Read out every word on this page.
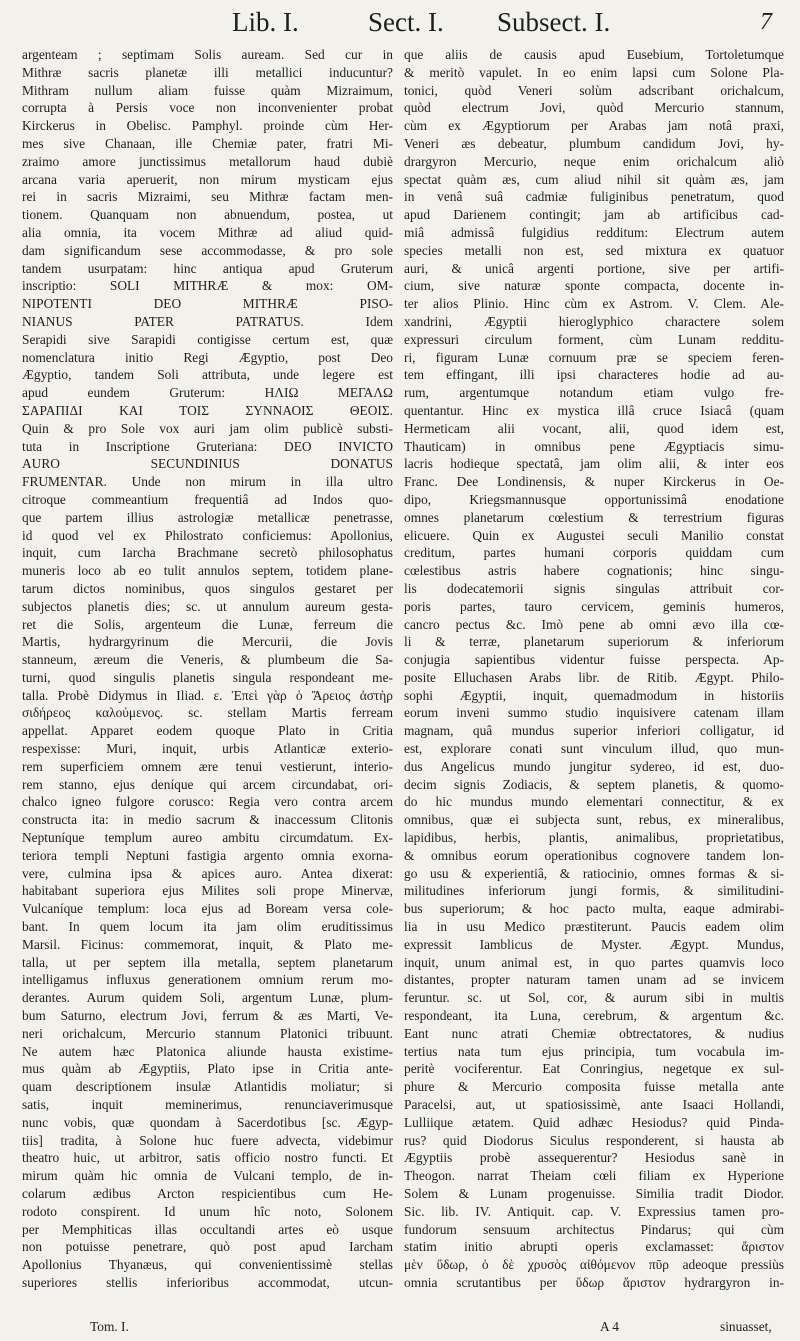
Lib. I.	Sect. I. Subsect. I.	7
argenteam ; septimam Solis auream. Sed cur in
Mithræ sacris planetæ illi metallici inducuntur?
Mithram nullum aliam fuisse quàm Mizraimum,
corrupta à Persis voce non inconvenienter probat
Kirckerus in Obelisc. Pamphyl. proinde cùm Her-
mes sive Chanaan, ille Chemiæ pater, fratri Mi-
zraimo amore junctissimus metallorum haud dubiè
arcana varia aperuerit, non mirum mysticam ejus
rei in sacris Mizraimi, seu Mithræ factam men-
tionem. Quanquam non abnuendum, postea, ut
alia omnia, ita vocem Mithræ ad aliud quid-
dam significandum sese accommodasse, & pro sole
tandem usurpatam: hinc antiqua apud Gruterum
inscriptio: SOLI MITHRÆ & mox: OM-
NIPOTENTI DEO MITHRÆ PISO-
NIANUS PATER PATRATUS. Idem
Serapidi sive Sarapidi contigisse certum est, quæ
nomenclatura initio Regi Ægyptio, post Deo
Ægyptio, tandem Soli attributa, unde legere est
apud eundem Gruterum: ΗΛΙΩ ΜΕΓΑΛΩ
ΣΑΡΑΠΙΔΙ ΚΑΙ ΤΟΙΣ ΣΥΝΝΑΟΙΣ ΘΕΟΙΣ.
Quin & pro Sole vox auri jam olim publicè substi-
tuta in Inscriptione Gruteriana: DEO INVICTO
AURO SECUNDINIUS DONATUS
FRUMENTAR. Unde non mirum in illa ultro
citroque commeantium frequentiâ ad Indos quo-
que partem illius astrologiæ metallicæ penetrasse,
id quod vel ex Philostrato conficiemus: Apollonius,
inquit, cum Iarcha Brachmane secretò philosophatus
muneris loco ab eo tulit annulos septem, totidem plane-
tarum dictos nominibus, quos singulos gestaret per
subjectos planetis dies; sc. ut annulum aureum gesta-
ret die Solis, argenteum die Lunæ, ferreum die
Martis, hydrargyrinum die Mercurii, die Jovis
stanneum, æreum die Veneris, & plumbeum die Sa-
turni, quod singulis planetis singula respondeant me-
talla. Probè Didymus in Iliad. ε. Ἐπεὶ γὰρ ὁ Ἄρειος ἀστὴρ
σιδήρεος καλούμενος. sc. stellam Martis ferream
appellat. Apparet eodem quoque Plato in Critia
respexisse: Muri, inquit, urbis Atlanticæ exterio-
rem superficiem omnem ære tenui vestierunt, interio-
rem stanno, ejus deníque qui arcem circundabat, ori-
chalco igneo fulgore corusco: Regia vero contra arcem
constructa ita: in medio sacrum & inaccessum Clitonis
Neptuníque templum aureo ambitu circumdatum. Ex-
teriora templi Neptuni fastigia argento omnia exorna-
vere, culmina ipsa & apices auro. Antea dixerat:
habitabant superiora ejus Milites soli prope Minervæ,
Vulcaníque templum: loca ejus ad Boream versa cole-
bant. In quem locum ita jam olim eruditissimus
Marsil. Ficinus: commemorat, inquit, & Plato me-
talla, ut per septem illa metalla, septem planetarum
intelligamus influxus generationem omnium rerum mo-
derantes. Aurum quidem Soli, argentum Lunæ, plum-
bum Saturno, electrum Jovi, ferrum & æs Marti, Ve-
neri orichalcum, Mercurio stannum Platonici tribuunt.
Ne autem hæc Platonica aliunde hausta existime-
mus quàm ab Ægyptiis, Plato ipse in Critia ante-
quam descriptionem insulæ Atlantidis moliatur; si
satis, inquit meminerimus, renunciaverimusque
nunc vobis, quæ quondam à Sacerdotibus [sc. Ægyp-
tiis] tradita, à Solone huc fuere advecta, videbimur
theatro huic, ut arbitror, satis officio nostro functi. Et
mirum quàm hic omnia de Vulcani templo, de in-
colarum ædibus Arcton respicientibus cum He-
rodoto conspirent. Id unum hîc noto, Solonem
per Memphiticas illas occultandi artes eò usque
non potuisse penetrare, quò post apud Iarcham
Apollonius Thyanæus, qui convenientissimè stellas
superiores stellis inferioribus accommodat, utcun-
que aliis de causis apud Eusebium, Tortoletumque
& meritò vapulet. In eo enim lapsi cum Solone Pla-
tonici, quòd Veneri solùm adscribant orichalcum,
quòd electrum Jovi, quòd Mercurio stannum,
cùm ex Ægyptiorum per Arabas jam notâ praxi,
Veneri æs debeatur, plumbum candidum Jovi, hy-
drargyron Mercurio, neque enim orichalcum aliò
spectat quàm æs, cum aliud nihil sit quàm æs, jam
in venâ suâ cadmiæ fuliginibus penetratum, quod
apud Darienem contingit; jam ab artificibus cad-
miâ admissâ fulgidius redditum: Electrum autem
species metalli non est, sed mixtura ex quatuor
auri, & unicâ argenti portione, sive per artifi-
cium, sive naturæ sponte compacta, docente in-
ter alios Plinio. Hinc cùm ex Astrom. V. Clem. Ale-
xandrini, Ægyptii hieroglyphico charactere solem
expressuri circulum forment, cùm Lunam redditu-
ri, figuram Lunæ cornuum præ se speciem feren-
tem effingant, illi ipsi characteres hodie ad au-
rum, argentumque notandum etiam vulgo fre-
quentantur. Hinc ex mystica illâ cruce Isiacâ (quam
Hermeticam alii vocant, alii, quod idem est,
Thauticam) in omnibus pene Ægyptiacis simu-
lacris hodieque spectatâ, jam olim alii, & inter eos
Franc. Dee Londinensis, & nuper Kirckerus in Oe-
dipo, Kriegsmannusque opportunissimâ enodatione
omnes planetarum cœlestium & terrestrium figuras
elicuere. Quin ex Augustei seculi Manilio constat
creditum, partes humani corporis quiddam cum
cœlestibus astris habere cognationis; hinc singu-
lis dodecatemorii signis singulas attribuit cor-
poris partes, tauro cervicem, geminis humeros,
cancro pectus &c. Imò pene ab omni ævo illa cœ-
li & terræ, planetarum superiorum & inferiorum
conjugia sapientibus videntur fuisse perspecta. Ap-
posite Elluchasen Arabs libr. de Ritib. Ægypt. Philo-
sophi Ægyptii, inquit, quemadmodum in historiis
eorum inveni summo studio inquisivere catenam illam
magnam, quâ mundus superior inferiori colligatur, id
est, explorare conati sunt vinculum illud, quo mun-
dus Angelicus mundo jungitur sydereo, id est, duo-
decim signis Zodiacis, & septem planetis, & quomo-
do hic mundus mundo elementari connectitur, & ex
omnibus, quæ ei subjecta sunt, rebus, ex mineralibus,
lapidibus, herbis, plantis, animalibus, proprietatibus,
& omnibus eorum operationibus cognovere tandem lon-
go usu & experientiâ, & ratiocinio, omnes formas & si-
militudines inferiorum jungi formis, & similitudini-
bus superiorum; & hoc pacto multa, eaque admirabi-
lia in usu Medico præstiterunt. Paucis eadem olim
expressit Iamblicus de Myster. Ægypt. Mundus,
inquit, unum animal est, in quo partes quamvis loco
distantes, propter naturam tamen unam ad se invicem
feruntur. sc. ut Sol, cor, & aurum sibi in multis
respondeant, ita Luna, cerebrum, & argentum &c.
Eant nunc atrati Chemiæ obtrectatores, & nudius
tertius nata tum ejus principia, tum vocabula im-
peritè vociferentur. Eat Conringius, negetque ex sul-
phure & Mercurio composita fuisse metalla ante
Paracelsi, aut, ut spatiosissimè, ante Isaaci Hollandi,
Lulliique ætatem. Quid adhæc Hesiodus? quid Pinda-
rus? quid Diodorus Siculus responderent, si hausta ab
Ægyptiis probè assequerentur? Hesiodus sanè in
Theogon. narrat Theiam cœli filiam ex Hyperione
Solem & Lunam progenuisse. Similia tradit Diodor.
Sic. lib. IV. Antiquit. cap. V. Expressius tamen pro-
fundorum sensuum architectus Pindarus; qui cùm
statim initio abrupti operis exclamasset: ἄριστον
μὲν ὕδωρ, ὁ δὲ χρυσὸς αἰθόμενον πῦρ adeoque pressiùs
omnia scrutantibus per ὕδωρ ἄριστον hydrargyron in-
Tom. I.	A 4	sinuasset,
